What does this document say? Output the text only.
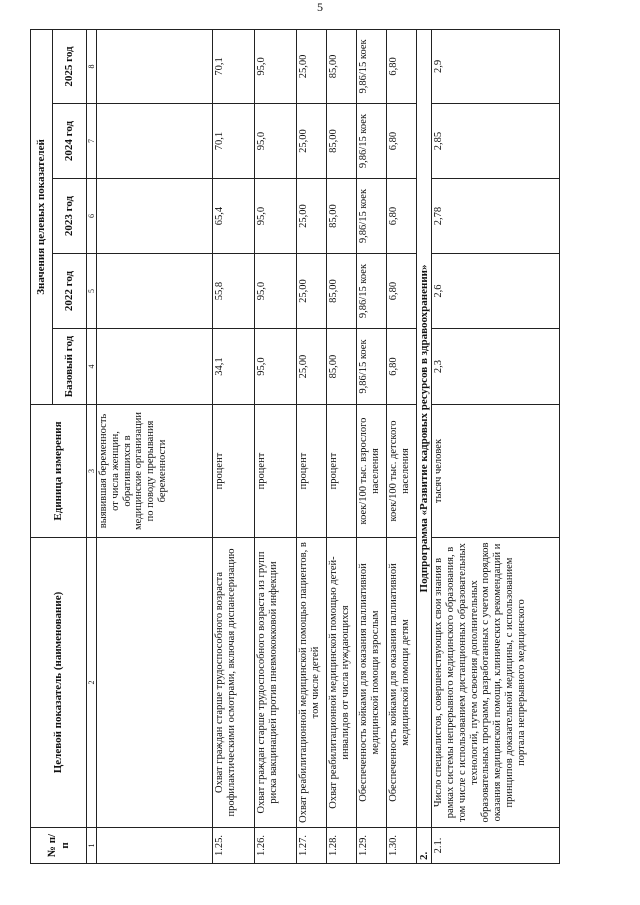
5
№ п/п	Целевой показатель (наименование)	Единица измерения	Значения целевых показателей				
			Базовый год	2022 год	2023 год	2024 год	2025 год
1	2	3	4	5	6	7	8
		выявившая беременность от числа женщин, обратившихся в медицинские организации по поводу прерывания беременности					
1.25.	Охват граждан старше трудоспособного возраста профилактическими осмотрами, включая диспансеризацию	процент	34,1	55,8	65,4	70,1	70,1
1.26.	Охват граждан старше трудоспособного возраста из групп риска вакцинацией против пневмококковой инфекции	процент	95,0	95,0	95,0	95,0	95,0
1.27.	Охват реабилитационной медицинской помощью пациентов, в том числе детей	процент	25,00	25,00	25,00	25,00	25,00
1.28.	Охват реабилитационной медицинской помощью детей-инвалидов от числа нуждающихся	процент	85,00	85,00	85,00	85,00	85,00
1.29.	Обеспеченность койками для оказания паллиативной медицинской помощи взрослым	коек/100 тыс. взрослого населения	9,86/15 коек	9,86/15 коек	9,86/15 коек	9,86/15 коек	9,86/15 коек
1.30.	Обеспеченность койками для оказания паллиативной медицинской помощи детям	коек/100 тыс. детского населения	6,80	6,80	6,80	6,80	6,80
2.	Подпрограмма «Развитие кадровых ресурсов в здравоохранении»						
2.1.	Число специалистов, совершенствующих свои знания в рамках системы непрерывного медицинского образования, в том числе с использованием дистанционных образовательных технологий, путем освоения дополнительных образовательных программ, разработанных с учетом порядков оказания медицинской помощи, клинических рекомендаций и принципов доказательной медицины, с использованием портала непрерывного медицинского	тысяч человек	2,3	2,6	2,78	2,85	2,9
